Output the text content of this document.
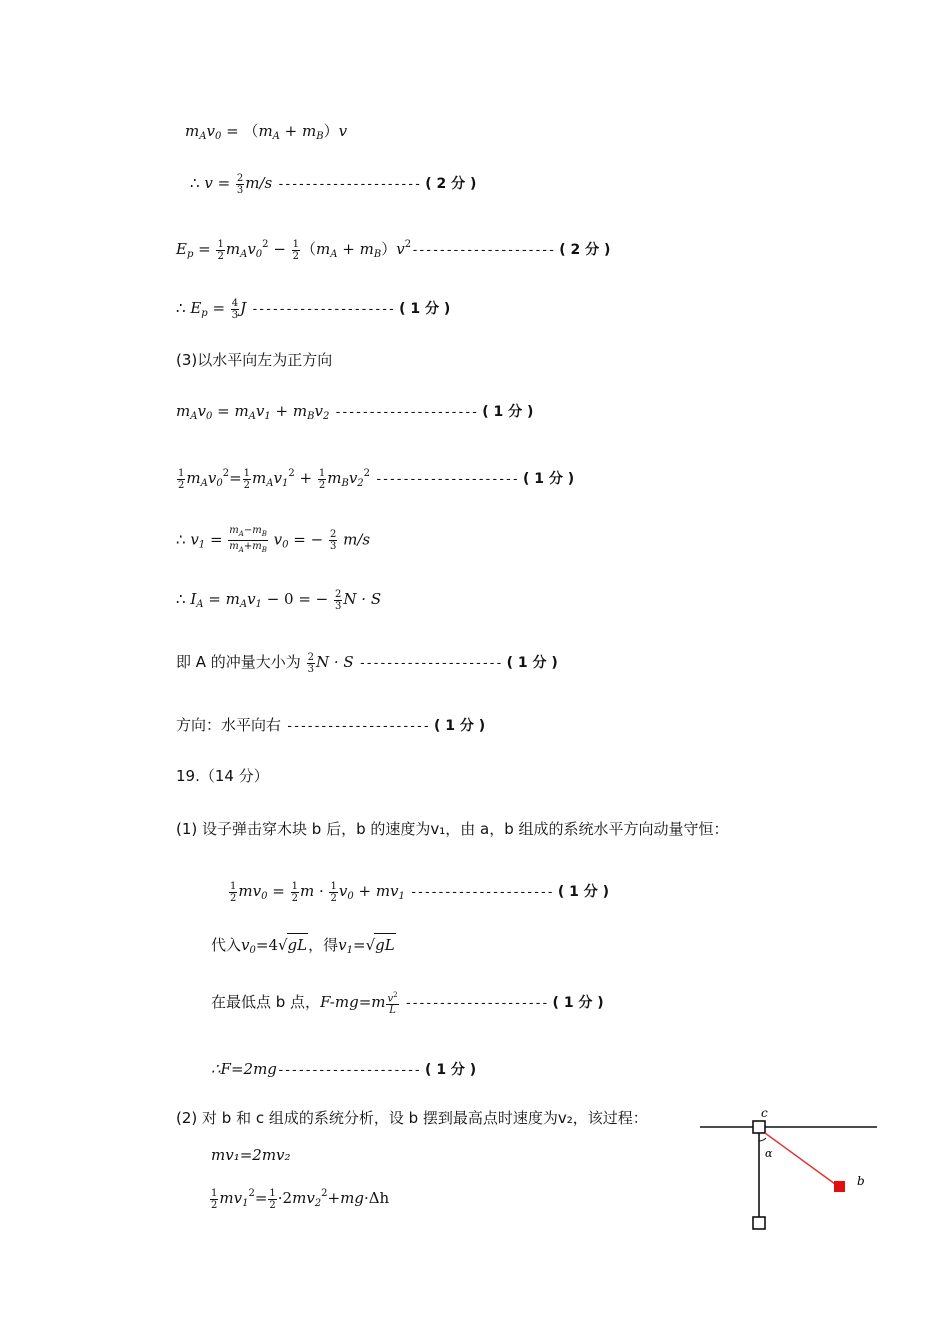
$m_Av_0 = (m_A + m_B)v$
∴ $v = \frac{2}{3} m/s$ --------------------- ( 2 分 )
$E_p = \frac{1}{2} m_Av_0^2 - \frac{1}{2} (m_A + m_B)v^2---------------------$ ( 2 分 )
∴ $E_p = \frac{4}{3}$ J --------------------- ( 1 分 )
(3)以水平向左为正方向
$m_Av_0 = m_Av_1 + m_Bv_2$ --------------------- ( 1 分 )
$\frac{1}{2} m_Av_0^2= \frac{1}{2} m_Av_1^2 + \frac{1}{2} m_Bv_2^2$ --------------------- ( 1 分 )
∴ $v_1 = \frac{m_A-m_B}{m_A+m_B} v_0$ = − $\frac{2}{3} m/s$
∴ $I_A = m_Av_1 - 0$ = − $\frac{2}{3}$ N · S
即 A 的冲量大小为 $\frac{2}{3}$ N · S --------------------- ( 1 分 )
方向：水平向右 --------------------- ( 1 分 )
19.（14 分）
(1) 设子弹击穿木块 b 后，b 的速度为v₁，由 a，b 组成的系统水平方向动量守恒：
$\frac{1}{2} mv_0 = \frac{1}{2}$ $m \cdot \frac{1}{2} v_0 + mv_1$ --------------------- ( 1 分 )
代入$v_0=4√gL$，得$v_1=√gL$
在最低点 b 点，$F-mg=m \frac{v^2}{L}$ --------------------- ( 1 分 )
∴F=2mg--------------------- ( 1 分 )
(2) 对 b 和 c 组成的系统分析，设 b 摆到最高点时速度为v₂，该过程：
mv₁=2mv₂
$\frac{1}{2} mv_1^2= \frac{1}{2} \cdot 2mv_2^2+mg\cdot\Delta h$
c
α
b
